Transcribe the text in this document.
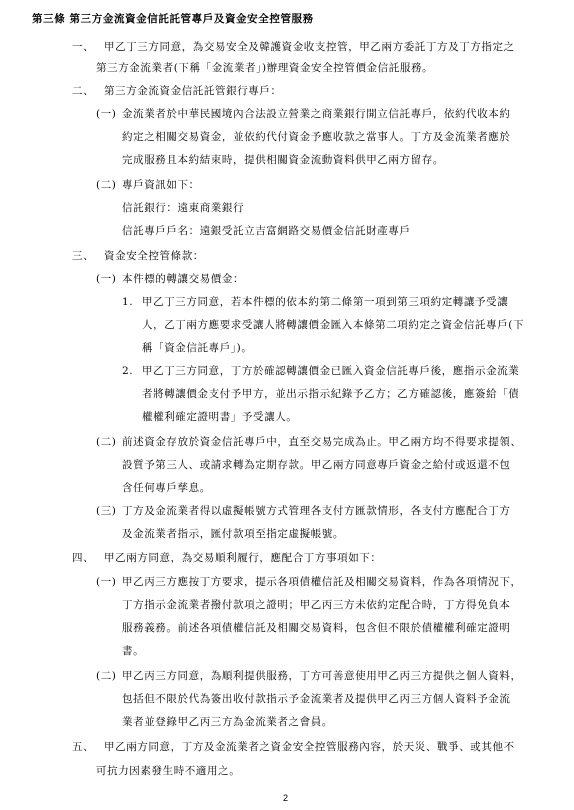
第三條 第三方金流資金信託託管專戶及資金安全控管服務
一、 甲乙丁三方同意，為交易安全及韓護資金收支控管，甲乙兩方委託丁方及丁方指定之
第三方金流業者(下稱「金流業者」)辦理資金安全控管價金信託服務。
二、 第三方金流資金信託託管銀行專戶：
(一) 金流業者於中華民國境內合法設立營業之商業銀行開立信託專戶，依約代收本約
約定之相關交易資金，並依約代付資金予應收款之當事人。丁方及金流業者應於
完成服務且本約結束時，提供相關資金流動資料供甲乙兩方留存。
(二) 專戶資訊如下：
信託銀行：遠東商業銀行
信託專戶戶名：遠銀受託立吉富網路交易價金信託財產專戶
三、 資金安全控管條款：
(一) 本件標的轉讓交易價金：
1. 甲乙丁三方同意，若本件標的依本約第二條第一項到第三項約定轉讓予受讓
人，乙丁兩方應要求受讓人將轉讓價金匯入本條第二項約定之資金信託專戶(下
稱「資金信託專戶」)。
2. 甲乙丁三方同意，丁方於確認轉讓價金已匯入資金信託專戶後，應指示金流業
者將轉讓價金支付予甲方，並出示指示紀錄予乙方；乙方確認後，應簽給「債
權權利確定證明書」予受讓人。
(二) 前述資金存放於資金信託專戶中，直至交易完成為止。甲乙兩方均不得要求提領、
設質予第三人、或請求轉為定期存款。甲乙兩方同意專戶資金之給付或返還不包
含任何專戶孳息。
(三) 丁方及金流業者得以虛擬帳號方式管理各支付方匯款情形，各支付方應配合丁方
及金流業者指示，匯付款項至指定虛擬帳號。
四、 甲乙兩方同意，為交易順利履行，應配合丁方事項如下：
(一) 甲乙丙三方應按丁方要求，提示各項債權信託及相關交易資料，作為各項情況下，
丁方指示金流業者撥付款項之證明；甲乙丙三方未依約定配合時，丁方得免負本
服務義務。前述各項債權信託及相關交易資料，包含但不限於債權權利確定證明
書。
(二) 甲乙丙三方同意，為順利提供服務，丁方可善意使用甲乙丙三方提供之個人資料，
包括但不限於代為簽出收付款指示予金流業者及提供甲乙丙三方個人資料予金流
業者並登錄甲乙丙三方為金流業者之會員。
五、 甲乙兩方同意，丁方及金流業者之資金安全控管服務內容，於天災、戰爭、或其他不
可抗力因素發生時不適用之。
2
